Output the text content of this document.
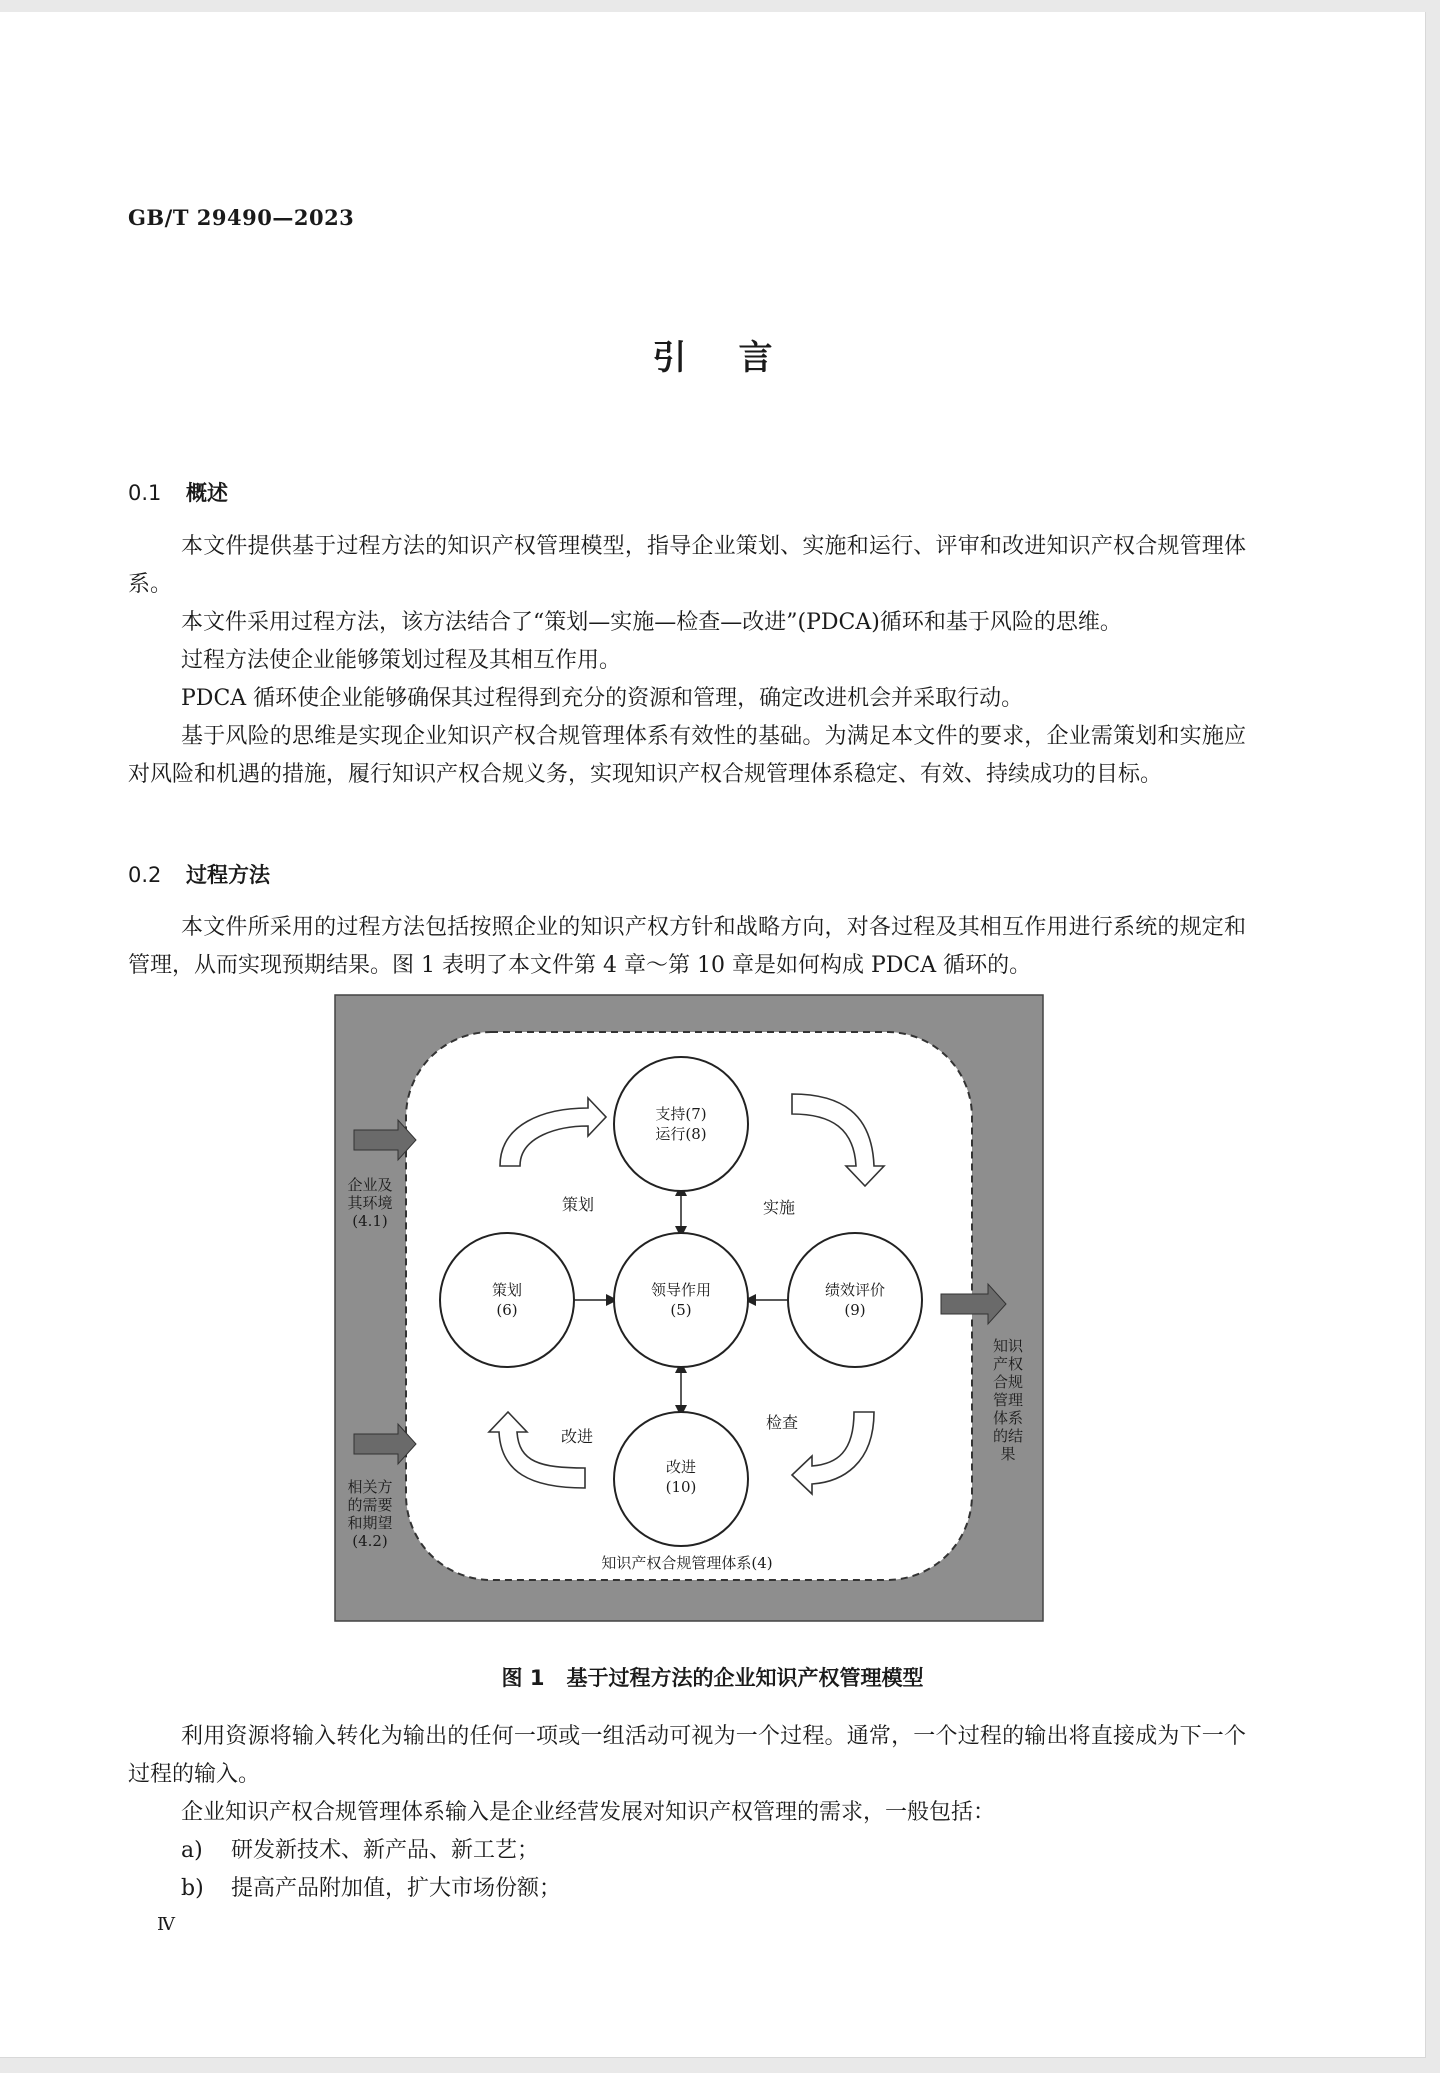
GB/T 29490—2023
引言
0.1 概述
本文件提供基于过程方法的知识产权管理模型，指导企业策划、实施和运行、评审和改进知识产权合规管理体系。
本文件采用过程方法，该方法结合了“策划—实施—检查—改进”(PDCA)循环和基于风险的思维。
过程方法使企业能够策划过程及其相互作用。
PDCA 循环使企业能够确保其过程得到充分的资源和管理，确定改进机会并采取行动。
基于风险的思维是实现企业知识产权合规管理体系有效性的基础。为满足本文件的要求，企业需策划和实施应对风险和机遇的措施，履行知识产权合规义务，实现知识产权合规管理体系稳定、有效、持续成功的目标。
0.2 过程方法
本文件所采用的过程方法包括按照企业的知识产权方针和战略方向，对各过程及其相互作用进行系统的规定和管理，从而实现预期结果。图 1 表明了本文件第 4 章～第 10 章是如何构成 PDCA 循环的。
企业及
其环境
(4.1)
相关方
的需要
和期望
(4.2)
知识
产权
合规
管理
体系
的结
果
策划	实施
检查
改进
支持(7)
运行(8)
策划
(6)
领导作用
(5)
绩效评价
(9)
改进
(10)
知识产权合规管理体系(4)
图 1 基于过程方法的企业知识产权管理模型
利用资源将输入转化为输出的任何一项或一组活动可视为一个过程。通常，一个过程的输出将直接成为下一个过程的输入。
企业知识产权合规管理体系输入是企业经营发展对知识产权管理的需求，一般包括：
a) 研发新技术、新产品、新工艺；
b) 提高产品附加值，扩大市场份额；
Ⅳ
